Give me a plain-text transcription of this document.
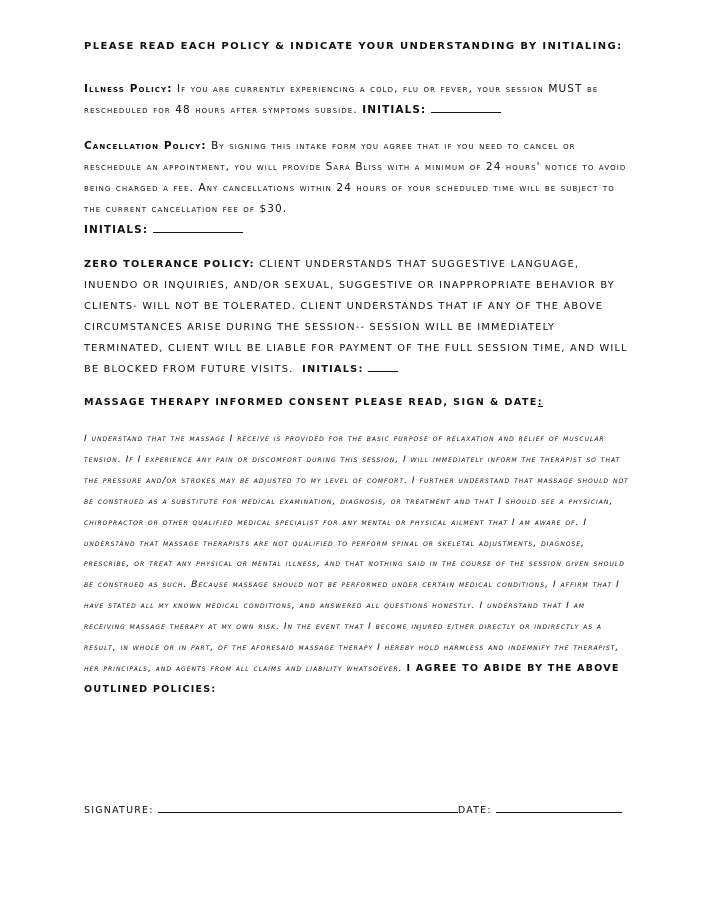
PLEASE READ EACH POLICY & INDICATE YOUR UNDERSTANDING BY INITIALING:
Illness Policy: If you are currently experiencing a cold, flu or fever, your session MUST be rescheduled for 48 hours after symptoms subside. INITIALS:
Cancellation Policy: By signing this intake form you agree that if you need to cancel or reschedule an appointment, you will provide Sara Bliss with a minimum of 24 hours' notice to avoid being charged a fee. Any cancellations within 24 hours of your scheduled time will be subject to the current cancellation fee of $30.
INITIALS:
ZERO TOLERANCE POLICY: CLIENT UNDERSTANDS THAT SUGGESTIVE LANGUAGE, INUENDO OR INQUIRIES, AND/OR SEXUAL, SUGGESTIVE OR INAPPROPRIATE BEHAVIOR BY CLIENTS- WILL NOT BE TOLERATED. CLIENT UNDERSTANDS THAT IF ANY OF THE ABOVE CIRCUMSTANCES ARISE DURING THE SESSION-- SESSION WILL BE IMMEDIATELY TERMINATED, CLIENT WILL BE LIABLE FOR PAYMENT OF THE FULL SESSION TIME, AND WILL BE BLOCKED FROM FUTURE VISITS. INITIALS:
MASSAGE THERAPY INFORMED CONSENT PLEASE READ, SIGN & DATE:
I understand that the massage I receive is provided for the basic purpose of relaxation and relief of muscular tension. If I experience any pain or discomfort during this session, I will immediately inform the therapist so that the pressure and/or strokes may be adjusted to my level of comfort. I further understand that massage should not be construed as a substitute for medical examination, diagnosis, or treatment and that I should see a physician, chiropractor or other qualified medical specialist for any mental or physical ailment that I am aware of. I understand that massage therapists are not qualified to perform spinal or skeletal adjustments, diagnose, prescribe, or treat any physical or mental illness, and that nothing said in the course of the session given should be construed as such. Because massage should not be performed under certain medical conditions, I affirm that I have stated all my known medical conditions, and answered all questions honestly. I understand that I am receiving massage therapy at my own risk. In the event that I become injured either directly or indirectly as a result, in whole or in part, of the aforesaid massage therapy I hereby hold harmless and indemnify the therapist, her principals, and agents from all claims and liability whatsoever. I AGREE TO ABIDE BY THE ABOVE OUTLINED POLICIES:
SIGNATURE:	DATE:
